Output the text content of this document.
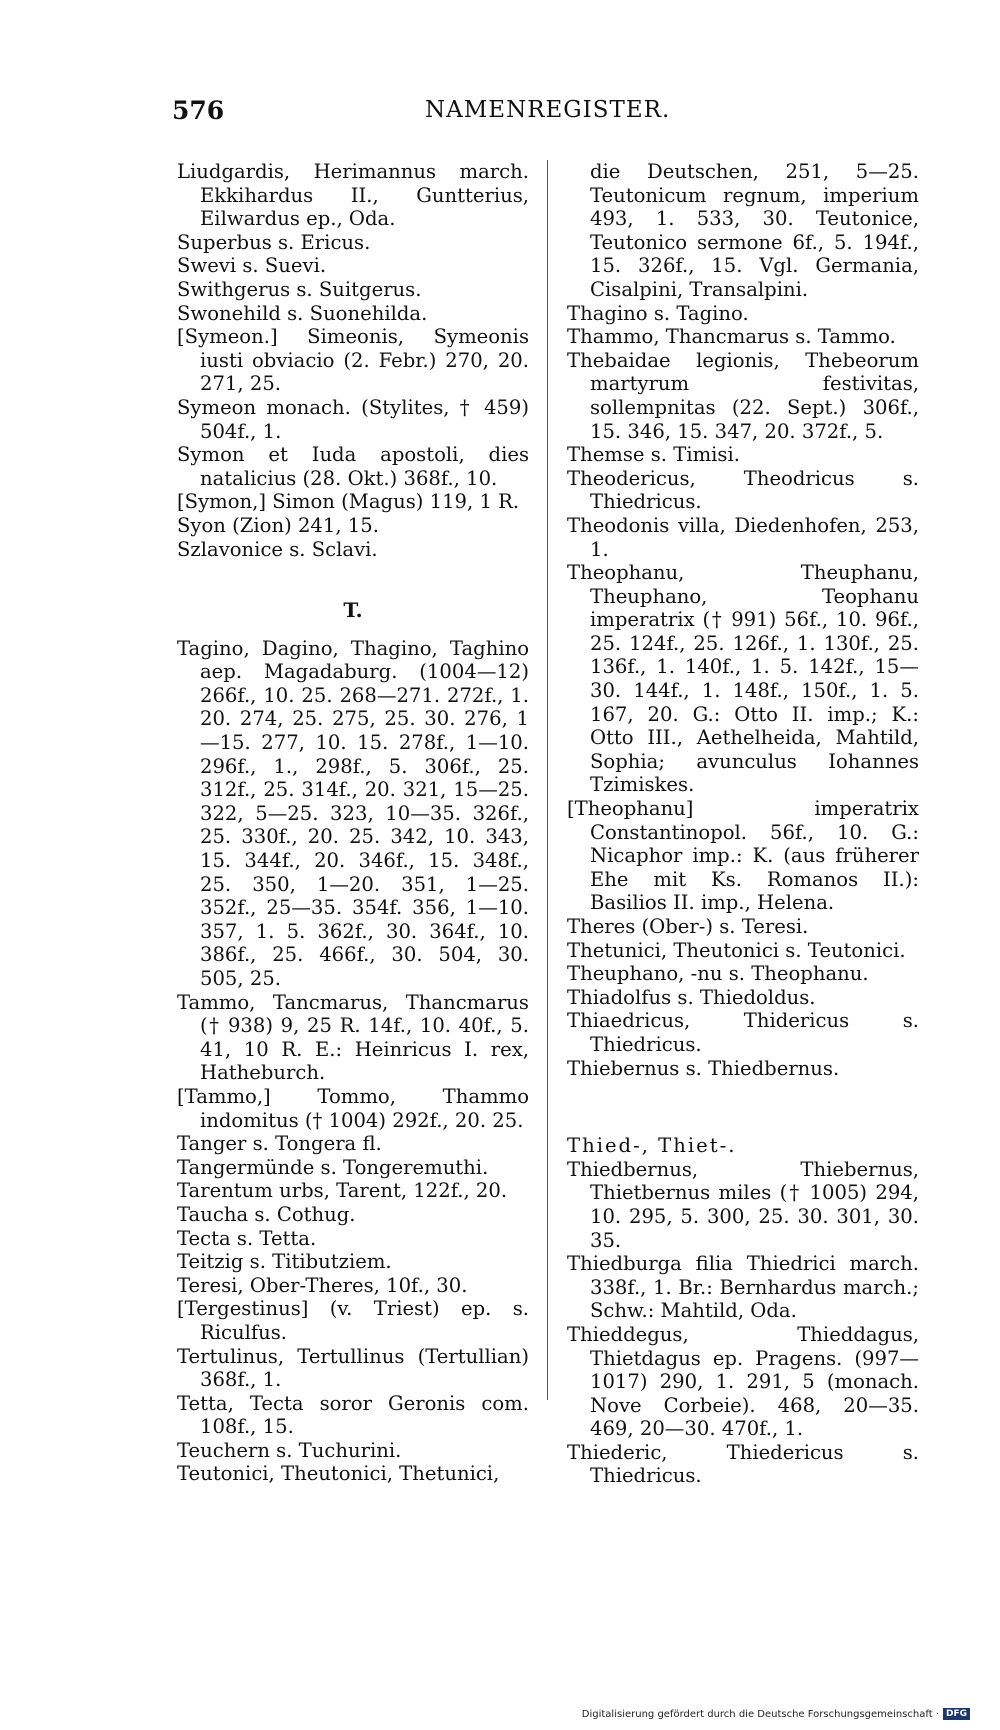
576	NAMENREGISTER.

Liudgardis, Herimannus march. Ekkihardus II., Guntterius, Eilwardus ep., Oda.

Superbus s. Ericus.

Swevi s. Suevi.

Swithgerus s. Suitgerus.

Swonehild s. Suonehilda.

[Symeon.] Simeonis, Symeonis iusti obviacio (2. Febr.) 270, 20. 271, 25.

Symeon monach. (Stylites, † 459) 504f., 1.

Symon et Iuda apostoli, dies natalicius (28. Okt.) 368f., 10.

[Symon,] Simon (Magus) 119, 1 R.

Syon (Zion) 241, 15.

Szlavonice s. Sclavi.

T.

Tagino, Dagino, Thagino, Taghino aep. Magadaburg. (1004—12) 266f., 10. 25. 268—271. 272f., 1. 20. 274, 25. 275, 25. 30. 276, 1—15. 277, 10. 15. 278f., 1—10. 296f., 1., 298f., 5. 306f., 25. 312f., 25. 314f., 20. 321, 15—25. 322, 5—25. 323, 10—35. 326f., 25. 330f., 20. 25. 342, 10. 343, 15. 344f., 20. 346f., 15. 348f., 25. 350, 1—20. 351, 1—25. 352f., 25—35. 354f. 356, 1—10. 357, 1. 5. 362f., 30. 364f., 10. 386f., 25. 466f., 30. 504, 30. 505, 25.

Tammo, Tancmarus, Thancmarus († 938) 9, 25 R. 14f., 10. 40f., 5. 41, 10 R. E.: Heinricus I. rex, Hatheburch.

[Tammo,] Tommo, Thammo indomitus († 1004) 292f., 20. 25.

Tanger s. Tongera fl.

Tangermünde s. Tongeremuthi.

Tarentum urbs, Tarent, 122f., 20.

Taucha s. Cothug.

Tecta s. Tetta.

Teitzig s. Titibutziem.

Teresi, Ober-Theres, 10f., 30.

[Tergestinus] (v. Triest) ep. s. Riculfus.

Tertulinus, Tertullinus (Tertullian) 368f., 1.

Tetta, Tecta soror Geronis com. 108f., 15.

Teuchern s. Tuchurini.

Teutonici, Theutonici, Thetunici,

die Deutschen, 251, 5—25. Teutonicum regnum, imperium 493, 1. 533, 30. Teutonice, Teutonico sermone 6f., 5. 194f., 15. 326f., 15. Vgl. Germania, Cisalpini, Transalpini.

Thagino s. Tagino.

Thammo, Thancmarus s. Tammo.

Thebaidae legionis, Thebeorum martyrum festivitas, sollempnitas (22. Sept.) 306f., 15. 346, 15. 347, 20. 372f., 5.

Themse s. Timisi.

Theodericus, Theodricus s. Thiedricus.

Theodonis villa, Diedenhofen, 253, 1.

Theophanu, Theuphanu, Theuphano, Teophanu imperatrix († 991) 56f., 10. 96f., 25. 124f., 25. 126f., 1. 130f., 25. 136f., 1. 140f., 1. 5. 142f., 15—30. 144f., 1. 148f., 150f., 1. 5. 167, 20. G.: Otto II. imp.; K.: Otto III., Aethelheida, Mahtild, Sophia; avunculus Iohannes Tzimiskes.

[Theophanu] imperatrix Constantinopol. 56f., 10. G.: Nicaphor imp.: K. (aus früherer Ehe mit Ks. Romanos II.): Basilios II. imp., Helena.

Theres (Ober-) s. Teresi.

Thetunici, Theutonici s. Teutonici.

Theuphano, -nu s. Theophanu.

Thiadolfus s. Thiedoldus.

Thiaedricus, Thidericus s. Thiedricus.

Thiebernus s. Thiedbernus.

Thied-, Thiet-.

Thiedbernus, Thiebernus, Thietbernus miles († 1005) 294, 10. 295, 5. 300, 25. 30. 301, 30. 35.

Thiedburga filia Thiedrici march. 338f., 1. Br.: Bernhardus march.; Schw.: Mahtild, Oda.

Thieddegus, Thieddagus, Thietdagus ep. Pragens. (997—1017) 290, 1. 291, 5 (monach. Nove Corbeie). 468, 20—35. 469, 20—30. 470f., 1.

Thiederic, Thiedericus s. Thiedricus.

Digitalisierung gefördert durch die Deutsche Forschungsgemeinschaft · DFG
